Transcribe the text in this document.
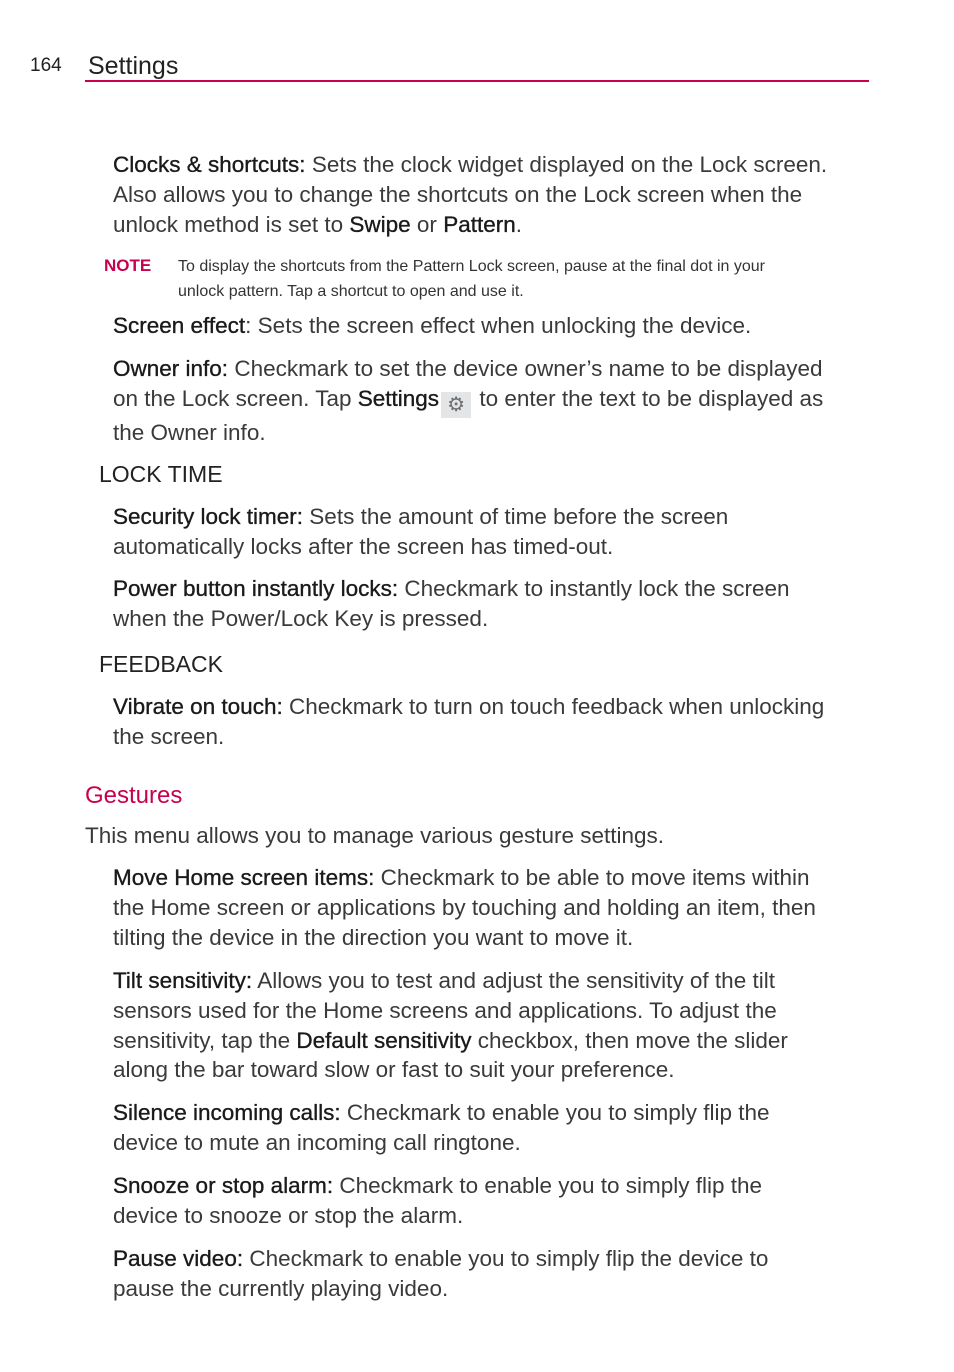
164 Settings
Clocks & shortcuts: Sets the clock widget displayed on the Lock screen.
Also allows you to change the shortcuts on the Lock screen when the
unlock method is set to Swipe or Pattern.
NOTE To display the shortcuts from the Pattern Lock screen, pause at the final dot in your
unlock pattern. Tap a shortcut to open and use it.
Screen effect: Sets the screen effect when unlocking the device.
Owner info: Checkmark to set the device owner’s name to be displayed
on the Lock screen. Tap Settings ⚙ to enter the text to be displayed as
the Owner info.
LOCK TIME
Security lock timer: Sets the amount of time before the screen
automatically locks after the screen has timed-out.
Power button instantly locks: Checkmark to instantly lock the screen
when the Power/Lock Key is pressed.
FEEDBACK
Vibrate on touch: Checkmark to turn on touch feedback when unlocking
the screen.
Gestures
This menu allows you to manage various gesture settings.
Move Home screen items: Checkmark to be able to move items within
the Home screen or applications by touching and holding an item, then
tilting the device in the direction you want to move it.
Tilt sensitivity: Allows you to test and adjust the sensitivity of the tilt
sensors used for the Home screens and applications. To adjust the
sensitivity, tap the Default sensitivity checkbox, then move the slider
along the bar toward slow or fast to suit your preference.
Silence incoming calls: Checkmark to enable you to simply flip the
device to mute an incoming call ringtone.
Snooze or stop alarm: Checkmark to enable you to simply flip the
device to snooze or stop the alarm.
Pause video: Checkmark to enable you to simply flip the device to
pause the currently playing video.
